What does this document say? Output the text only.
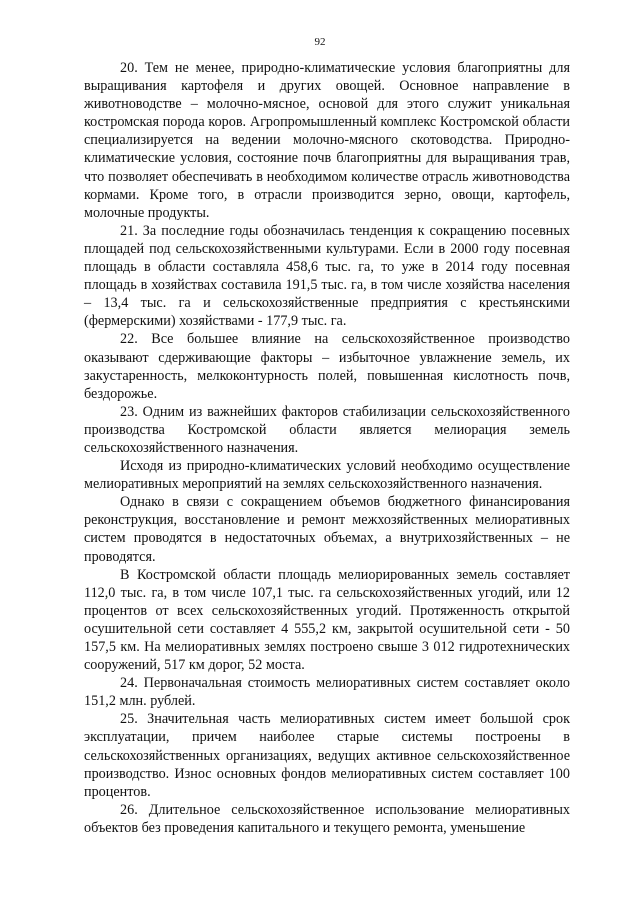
92

20. Тем не менее, природно-климатические условия благоприятны для выращивания картофеля и других овощей. Основное направление в животноводстве – молочно-мясное, основой для этого служит уникальная костромская порода коров. Агропромышленный комплекс Костромской области специализируется на ведении молочно-мясного скотоводства. Природно-климатические условия, состояние почв благоприятны для выращивания трав, что позволяет обеспечивать в необходимом количестве отрасль животноводства кормами. Кроме того, в отрасли производится зерно, овощи, картофель, молочные продукты.

21. За последние годы обозначилась тенденция к сокращению посевных площадей под сельскохозяйственными культурами. Если в 2000 году посевная площадь в области составляла 458,6 тыс. га, то уже в 2014 году посевная площадь в хозяйствах составила 191,5 тыс. га, в том числе хозяйства населения – 13,4 тыс. га и сельскохозяйственные предприятия с крестьянскими (фермерскими) хозяйствами - 177,9 тыс. га.

22. Все большее влияние на сельскохозяйственное производство оказывают сдерживающие факторы – избыточное увлажнение земель, их закустаренность, мелкоконтурность полей, повышенная кислотность почв, бездорожье.

23. Одним из важнейших факторов стабилизации сельскохозяйственного производства Костромской области является мелиорация земель сельскохозяйственного назначения.

Исходя из природно-климатических условий необходимо осуществление мелиоративных мероприятий на землях сельскохозяйственного назначения.

Однако в связи с сокращением объемов бюджетного финансирования реконструкция, восстановление и ремонт межхозяйственных мелиоративных систем проводятся в недостаточных объемах, а внутрихозяйственных – не проводятся.

В Костромской области площадь мелиорированных земель составляет 112,0 тыс. га, в том числе 107,1 тыс. га сельскохозяйственных угодий, или 12 процентов от всех сельскохозяйственных угодий. Протяженность открытой осушительной сети составляет 4 555,2 км, закрытой осушительной сети - 50 157,5 км. На мелиоративных землях построено свыше 3 012 гидротехнических сооружений, 517 км дорог, 52 моста.

24. Первоначальная стоимость мелиоративных систем составляет около 151,2 млн. рублей.

25. Значительная часть мелиоративных систем имеет большой срок эксплуатации, причем наиболее старые системы построены в сельскохозяйственных организациях, ведущих активное сельскохозяйственное производство. Износ основных фондов мелиоративных систем составляет 100 процентов.

26. Длительное сельскохозяйственное использование мелиоративных объектов без проведения капитального и текущего ремонта, уменьшение
